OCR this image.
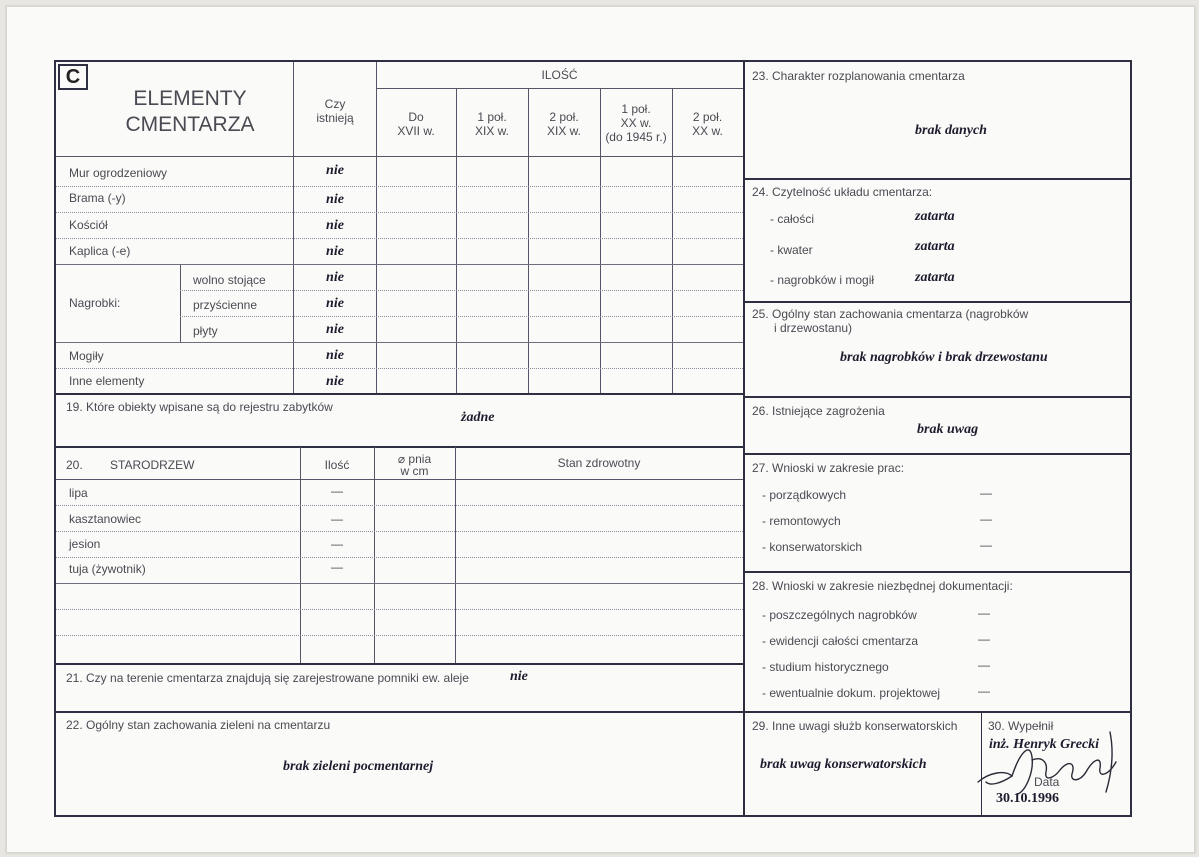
C
ELEMENTY
CMENTARZA
Czy
istnieją
ILOŚĆ
Do
XVII w.
1 poł.
XIX w.
2 poł.
XIX w.
1 poł.
XX w.
(do 1945 r.)
2 poł.
XX w.
Mur ogrodzeniowy	nie
Brama (-y)	nie
Kościół	nie
Kaplica (-e)	nie
Nagrobki:
wolno stojące	nie
przyścienne	nie
płyty	nie
Mogiły	nie
Inne elementy	nie
19. Które obiekty wpisane są do rejestru zabytków
żadne
20. STARODRZEW	Ilość	⌀ pnia
w cm
Stan zdrowotny
lipa	—
kasztanowiec	—
jesion	—
tuja (żywotnik)	—
21. Czy na terenie cmentarza znajdują się zarejestrowane pomniki ew. aleje	nie
22. Ogólny stan zachowania zieleni na cmentarzu
brak zieleni pocmentarnej
23. Charakter rozplanowania cmentarza
brak danych
24. Czytelność układu cmentarza:
- całości	zatarta
- kwater	zatarta
- nagrobków i mogił	zatarta
25. Ogólny stan zachowania cmentarza (nagrobków
i drzewostanu)
brak nagrobków i brak drzewostanu
26. Istniejące zagrożenia
brak uwag
27. Wnioski w zakresie prac:
- porządkowych	—
- remontowych	—
- konserwatorskich	—
28. Wnioski w zakresie niezbędnej dokumentacji:
- poszczególnych nagrobków	—
- ewidencji całości cmentarza	—
- studium historycznego	—
- ewentualnie dokum. projektowej	—
29. Inne uwagi służb konserwatorskich
brak uwag konserwatorskich
30. Wypełnił
inż. Henryk Grecki
Data
30.10.1996
